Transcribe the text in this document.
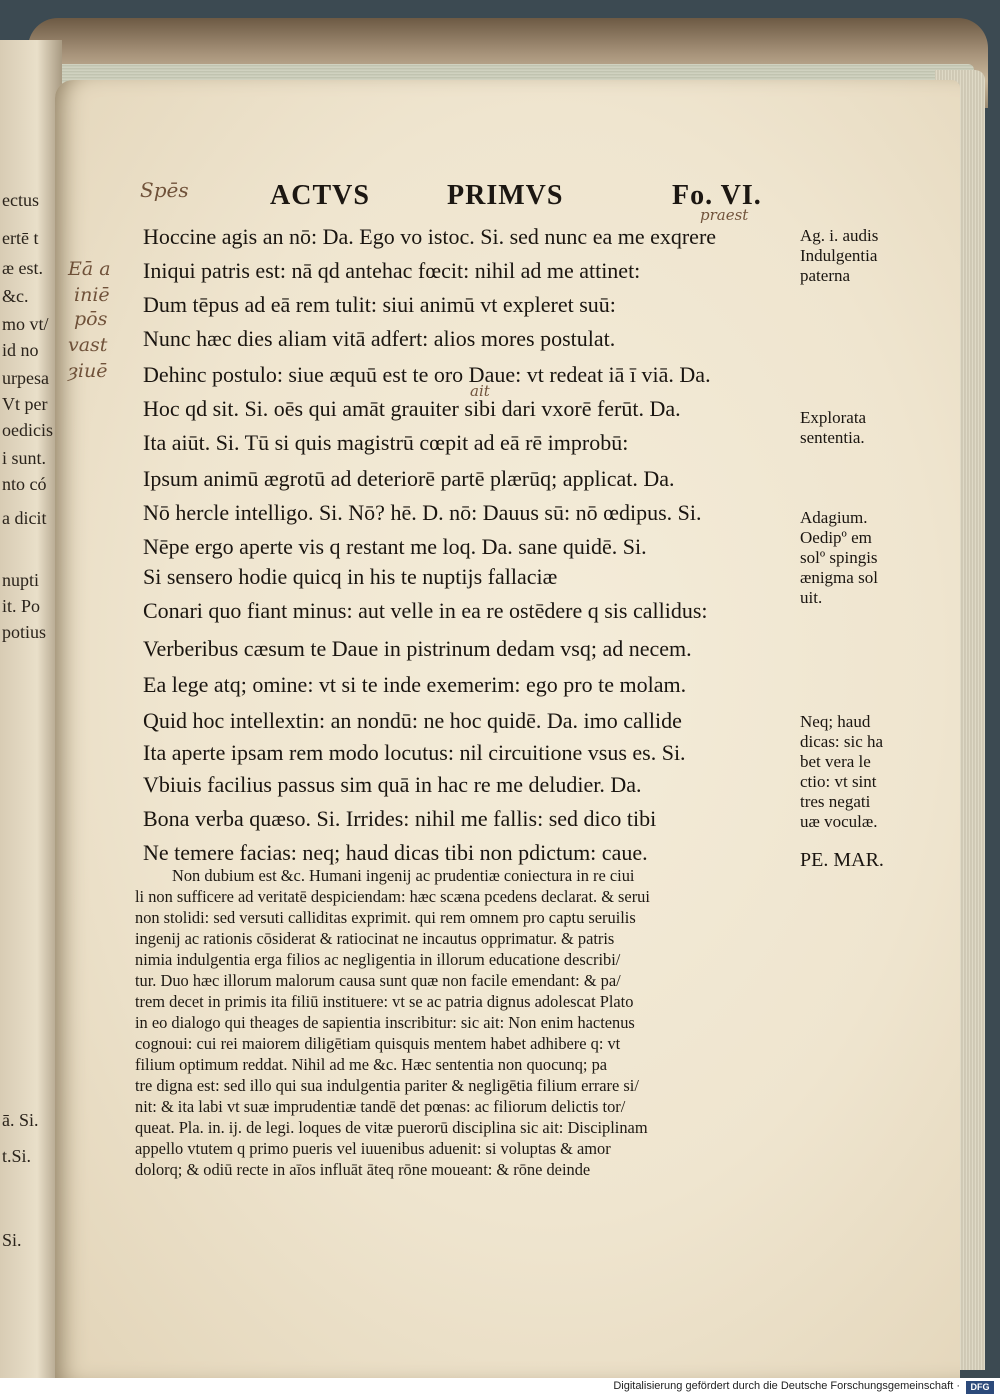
ectus
ertē t
æ est.
&c.
mo vt/
id no
urpesa
Vt per
oedicis
i sunt.
nto có
a dicit
nupti
it. Po
potius
ā. Si.
t.Si.
Si.
ACTVS	PRIMVS	Fo. VI.
Spēs
praest
Eā a
iniē
pōs
vast
ȝiuē
ait
Hoccine agis an nō: Da. Ego vo istoc. Si. sed nunc ea me exqrere
Iniqui patris est: nā qd antehac fœcit: nihil ad me attinet:
Dum tēpus ad eā rem tulit: siui animū vt expleret suū:
Nunc hæc dies aliam vitā adfert: alios mores postulat.
Dehinc postulo: siue æquū est te oro Daue: vt redeat iā ī viā. Da.
Hoc qd sit. Si. oēs qui amāt grauiter sibi dari vxorē ferūt. Da.
Ita aiūt. Si. Tū si quis magistrū cœpit ad eā rē improbū:
Ipsum animū ægrotū ad deteriorē partē plærūq; applicat. Da.
Nō hercle intelligo. Si. Nō? hē. D. nō: Dauus sū: nō œdipus. Si.
Nēpe ergo aperte vis q restant me loq. Da. sane quidē. Si.
Si sensero hodie quicq in his te nuptijs fallaciæ
Conari quo fiant minus: aut velle in ea re ostēdere q sis callidus:
Verberibus cæsum te Daue in pistrinum dedam vsq; ad necem.
Ea lege atq; omine: vt si te inde exemerim: ego pro te molam.
Quid hoc intellextin: an nondū: ne hoc quidē. Da. imo callide
Ita aperte ipsam rem modo locutus: nil circuitione vsus es. Si.
Vbiuis facilius passus sim quā in hac re me deludier. Da.
Bona verba quæso. Si. Irrides: nihil me fallis: sed dico tibi
Ne temere facias: neq; haud dicas tibi non pdictum: caue.
Ag. i. audis
Indulgentia
paterna
Explorata
sententia.
Adagium.
Oedipº em
solº spingis
ænigma sol
uit.
Neq; haud
dicas: sic ha
bet vera le
ctio: vt sint
tres negati
uæ voculæ.
PE. MAR.
Non dubium est &c. Humani ingenij ac prudentiæ coniectura in re ciui
li non sufficere ad veritatē despiciendam: hæc scæna pcedens declarat. & serui
non stolidi: sed versuti calliditas exprimit. qui rem omnem pro captu seruilis
ingenij ac rationis cōsiderat & ratiocinat ne incautus opprimatur. & patris
nimia indulgentia erga filios ac negligentia in illorum educatione describi/
tur. Duo hæc illorum malorum causa sunt quæ non facile emendant: & pa/
trem decet in primis ita filiū instituere: vt se ac patria dignus adolescat Plato
in eo dialogo qui theages de sapientia inscribitur: sic ait: Non enim hactenus
cognoui: cui rei maiorem diligētiam quisquis mentem habet adhibere q: vt
filium optimum reddat. Nihil ad me &c. Hæc sententia non quocunq; pa
tre digna est: sed illo qui sua indulgentia pariter & negligētia filium errare si/
nit: & ita labi vt suæ imprudentiæ tandē det pœnas: ac filiorum delictis tor/
queat. Pla. in. ij. de legi. loques de vitæ puerorū disciplina sic ait: Disciplinam
appello vtutem q primo pueris vel iuuenibus aduenit: si voluptas & amor
dolorq; & odiū recte in aīos influāt āteq rōne moueant: & rōne deinde
Digitalisierung gefördert durch die Deutsche Forschungsgemeinschaft ·	DFG
